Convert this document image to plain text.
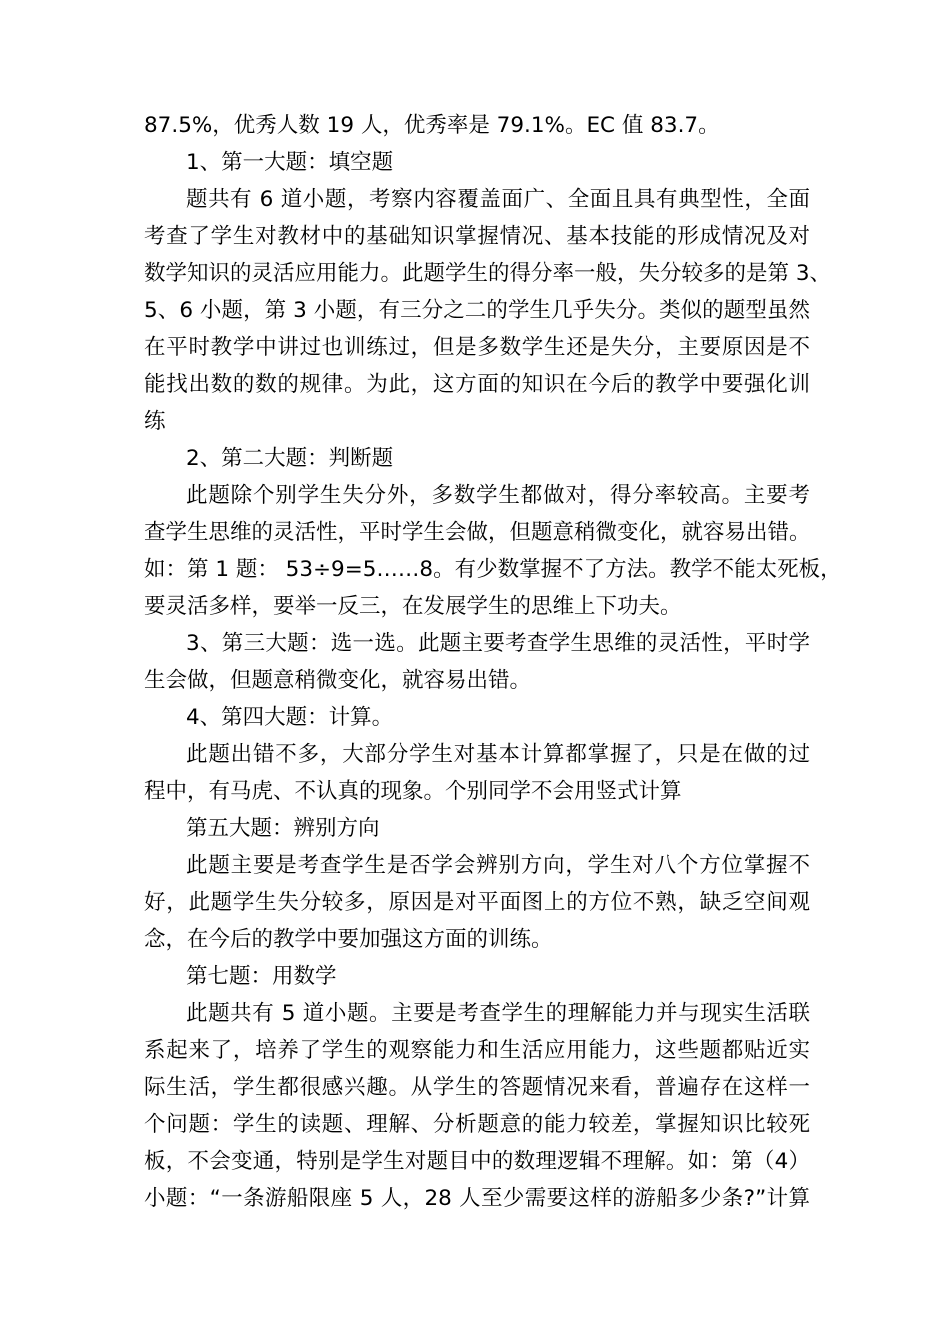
87.5%，优秀人数 19 人，优秀率是 79.1%。EC 值 83.7。
1、第一大题：填空题
题共有 6 道小题，考察内容覆盖面广、全面且具有典型性，全面
考查了学生对教材中的基础知识掌握情况、基本技能的形成情况及对
数学知识的灵活应用能力。此题学生的得分率一般，失分较多的是第 3、
5、6 小题，第 3 小题，有三分之二的学生几乎失分。类似的题型虽然
在平时教学中讲过也训练过，但是多数学生还是失分，主要原因是不
能找出数的数的规律。为此，这方面的知识在今后的教学中要强化训
练
2、第二大题：判断题
此题除个别学生失分外，多数学生都做对，得分率较高。主要考
查学生思维的灵活性，平时学生会做，但题意稍微变化，就容易出错。
如：第 1 题： 53÷9=5……8。有少数掌握不了方法。教学不能太死板，
要灵活多样，要举一反三，在发展学生的思维上下功夫。
3、第三大题：选一选。此题主要考查学生思维的灵活性，平时学
生会做，但题意稍微变化，就容易出错。
4、第四大题：计算。
此题出错不多，大部分学生对基本计算都掌握了，只是在做的过
程中，有马虎、不认真的现象。个别同学不会用竖式计算
第五大题：辨别方向
此题主要是考查学生是否学会辨别方向，学生对八个方位掌握不
好，此题学生失分较多，原因是对平面图上的方位不熟，缺乏空间观
念，在今后的教学中要加强这方面的训练。
第七题：用数学
此题共有 5 道小题。主要是考查学生的理解能力并与现实生活联
系起来了，培养了学生的观察能力和生活应用能力，这些题都贴近实
际生活，学生都很感兴趣。从学生的答题情况来看，普遍存在这样一
个问题：学生的读题、理解、分析题意的能力较差，掌握知识比较死
板，不会变通，特别是学生对题目中的数理逻辑不理解。如：第（4）
小题：“一条游船限座 5 人，28 人至少需要这样的游船多少条?”计算
